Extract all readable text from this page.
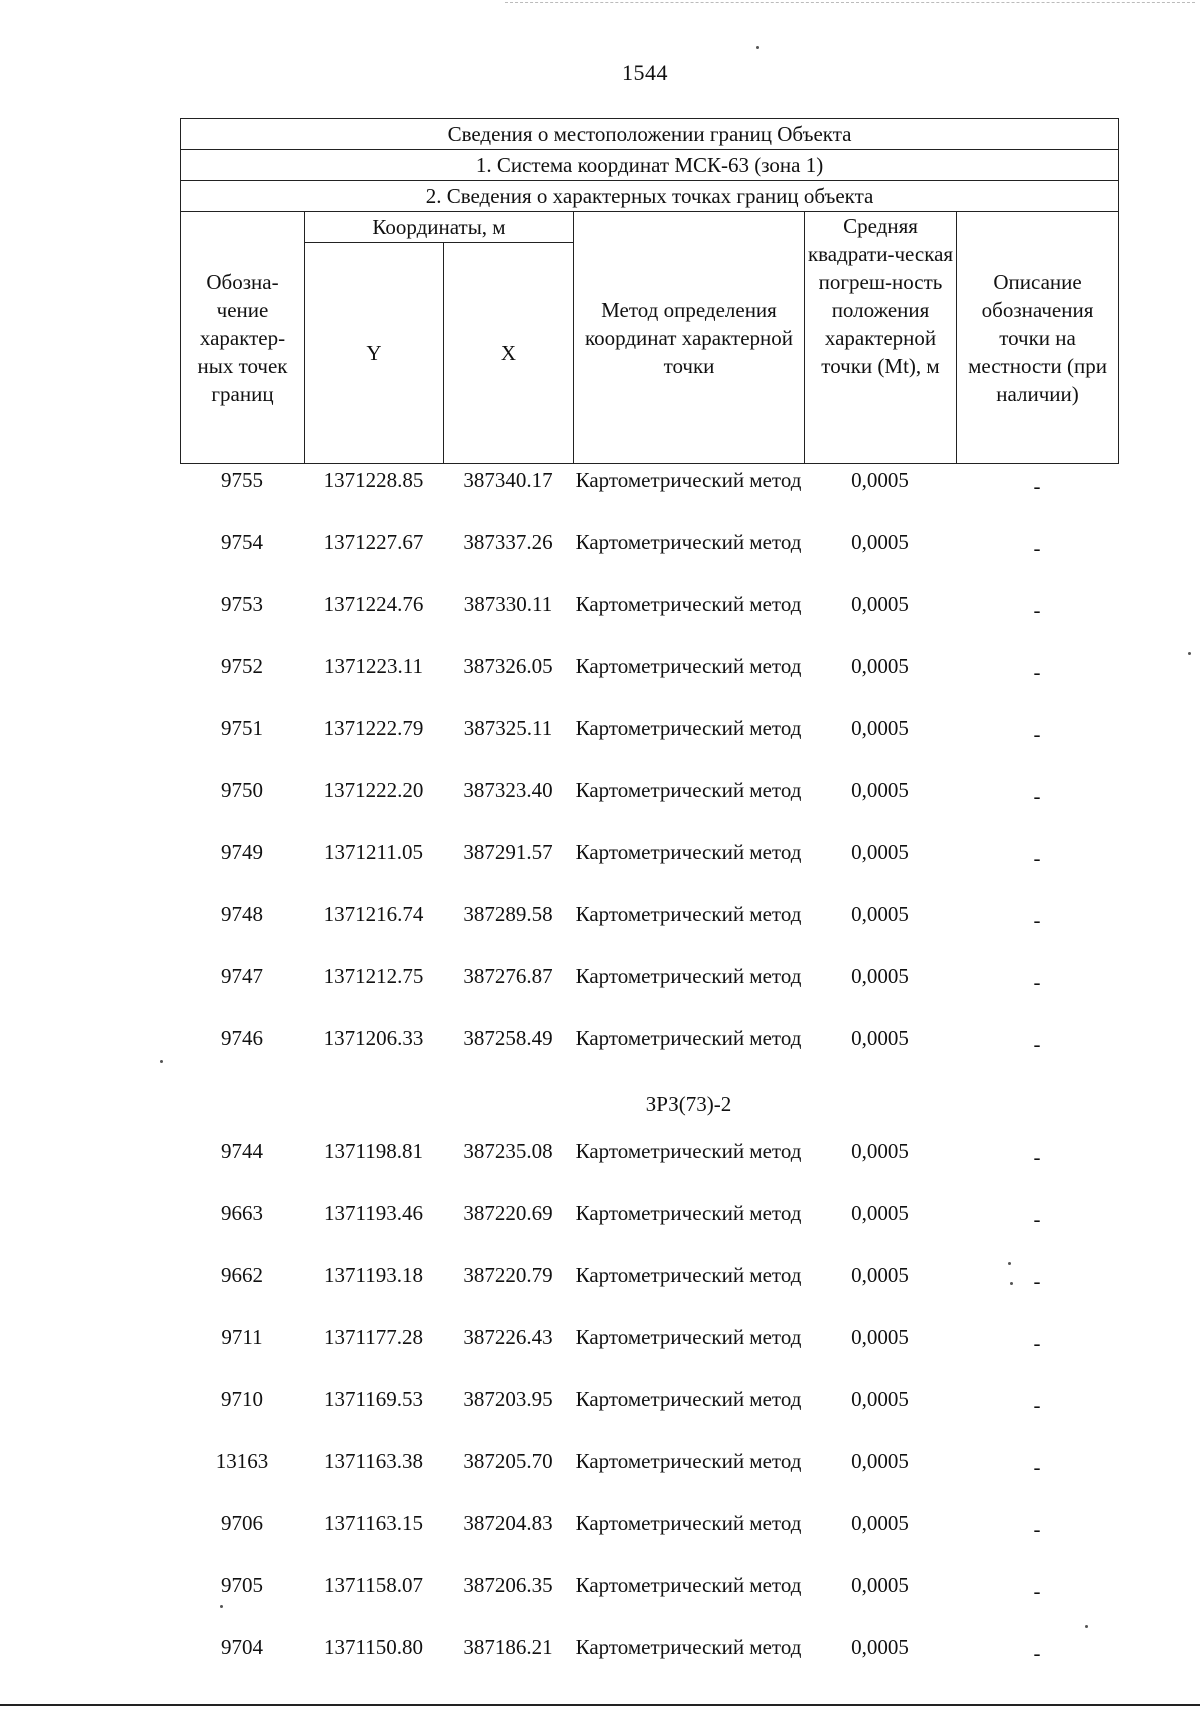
1544
Сведения о местоположении границ Объекта					
1. Система координат МСК-63 (зона 1)					
2. Сведения о характерных точках границ объекта					
Обозна-чение характер-ных точек границ	Координаты, м		Метод определения координат характерной точки	Средняя квадрати-ческая погреш-ность положения характерной точки (Mt), м	Описание обозначения точки на местности (при наличии)
	Y	X			
9755	1371228.85	387340.17	Картометрический метод	0,0005	-
9754	1371227.67	387337.26	Картометрический метод	0,0005	-
9753	1371224.76	387330.11	Картометрический метод	0,0005	-
9752	1371223.11	387326.05	Картометрический метод	0,0005	-
9751	1371222.79	387325.11	Картометрический метод	0,0005	-
9750	1371222.20	387323.40	Картометрический метод	0,0005	-
9749	1371211.05	387291.57	Картометрический метод	0,0005	-
9748	1371216.74	387289.58	Картометрический метод	0,0005	-
9747	1371212.75	387276.87	Картометрический метод	0,0005	-
9746	1371206.33	387258.49	Картометрический метод	0,0005	-
			ЗРЗ(73)-2		
9744	1371198.81	387235.08	Картометрический метод	0,0005	-
9663	1371193.46	387220.69	Картометрический метод	0,0005	-
9662	1371193.18	387220.79	Картометрический метод	0,0005	-
9711	1371177.28	387226.43	Картометрический метод	0,0005	-
9710	1371169.53	387203.95	Картометрический метод	0,0005	-
13163	1371163.38	387205.70	Картометрический метод	0,0005	-
9706	1371163.15	387204.83	Картометрический метод	0,0005	-
9705	1371158.07	387206.35	Картометрический метод	0,0005	-
9704	1371150.80	387186.21	Картометрический метод	0,0005	-
